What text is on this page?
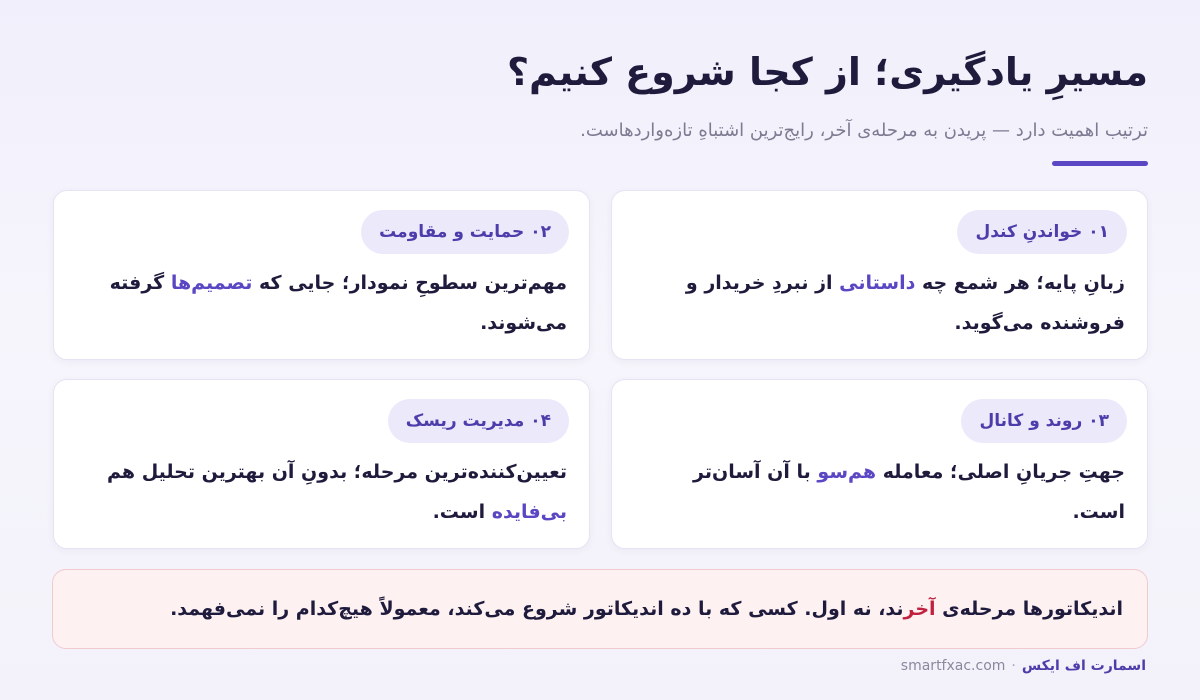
مسیرِ یادگیری؛ از کجا شروع کنیم؟
ترتیب اهمیت دارد — پریدن به مرحله‌ی آخر، رایج‌ترین اشتباهِ تازه‌واردهاست.
۰۱خواندنِ کندل
زبانِ پایه؛ هر شمع چه داستانی از نبردِ خریدار و فروشنده می‌گوید.
۰۲حمایت و مقاومت
مهم‌ترین سطوحِ نمودار؛ جایی که تصمیم‌ها گرفته می‌شوند.
۰۳روند و کانال
جهتِ جریانِ اصلی؛ معامله هم‌سو با آن آسان‌تر است.
۰۴مدیریت ریسک
تعیین‌کننده‌ترین مرحله؛ بدونِ آن بهترین تحلیل هم بی‌فایده است.
اندیکاتورها مرحله‌ی آخرند، نه اول. کسی که با ده اندیکاتور شروع می‌کند، معمولاً هیچ‌کدام را نمی‌فهمد.
اسمارت اف ایکس·smartfxac.com
